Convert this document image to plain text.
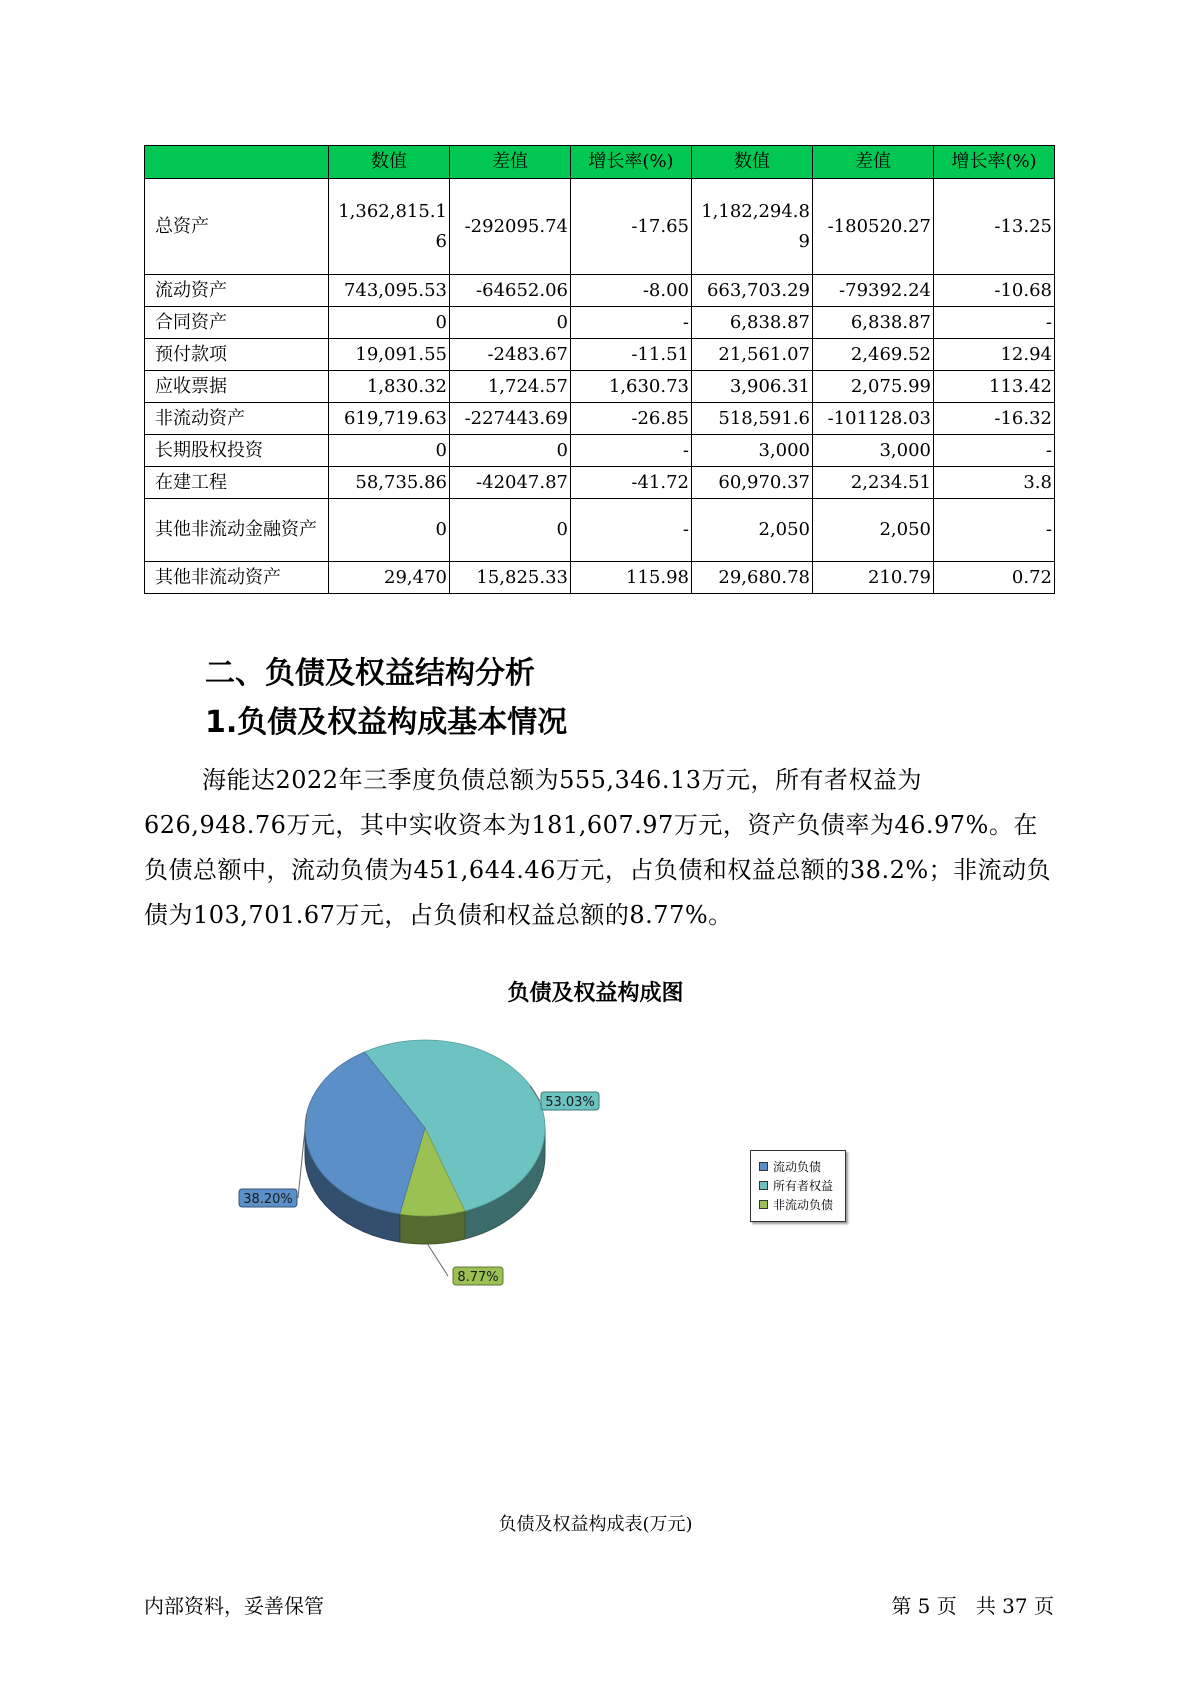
	数值	差值	增长率(%)	数值	差值	增长率(%)
总资产	1,362,815.16	-292095.74	-17.65	1,182,294.89	-180520.27	-13.25
流动资产	743,095.53	-64652.06	-8.00	663,703.29	-79392.24	-10.68
合同资产	0	0	-	6,838.87	6,838.87	-
预付款项	19,091.55	-2483.67	-11.51	21,561.07	2,469.52	12.94
应收票据	1,830.32	1,724.57	1,630.73	3,906.31	2,075.99	113.42
非流动资产	619,719.63	-227443.69	-26.85	518,591.6	-101128.03	-16.32
长期股权投资	0	0	-	3,000	3,000	-
在建工程	58,735.86	-42047.87	-41.72	60,970.37	2,234.51	3.8
其他非流动金融资产	0	0	-	2,050	2,050	-
其他非流动资产	29,470	15,825.33	115.98	29,680.78	210.79	0.72
二、负债及权益结构分析
1.负债及权益构成基本情况
海能达2022年三季度负债总额为555,346.13万元，所有者权益为626,948.76万元，其中实收资本为181,607.97万元，资产负债率为46.97%。在负债总额中，流动负债为451,644.46万元，占负债和权益总额的38.2%；非流动负债为103,701.67万元，占负债和权益总额的8.77%。
负债及权益构成图
53.03%
8.77%
38.20%
流动负债
所有者权益
非流动负债
负债及权益构成表(万元)
内部资料，妥善保管	第 5 页   共 37 页
